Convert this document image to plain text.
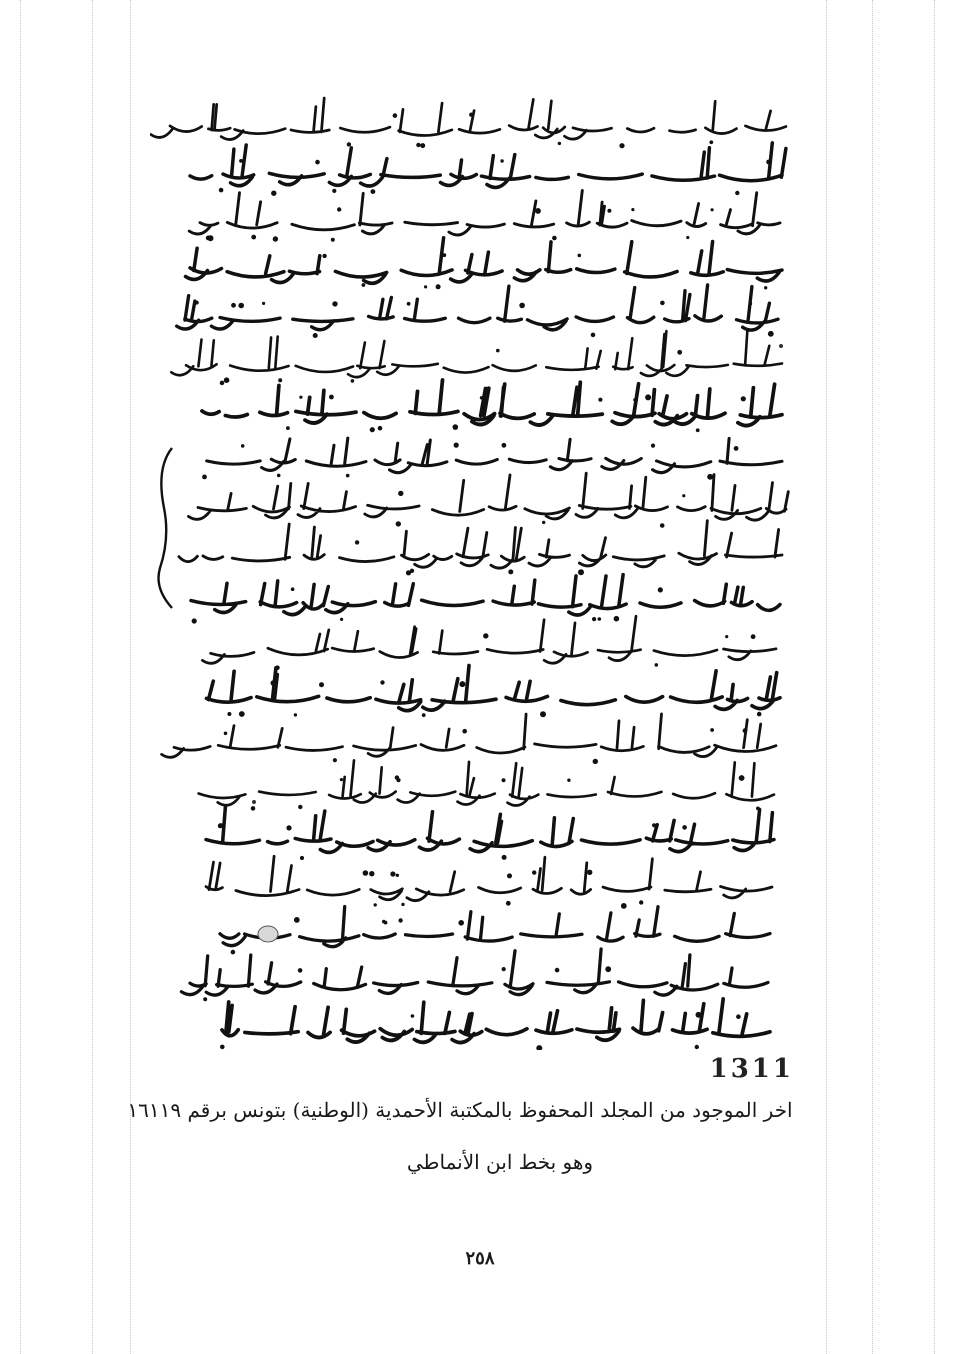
1311
اخر الموجود من المجلد المحفوظ بالمكتبة الأحمدية (الوطنية) بتونس برقم ١٦١١٩
وهو بخط ابن الأنماطي
٢٥٨
